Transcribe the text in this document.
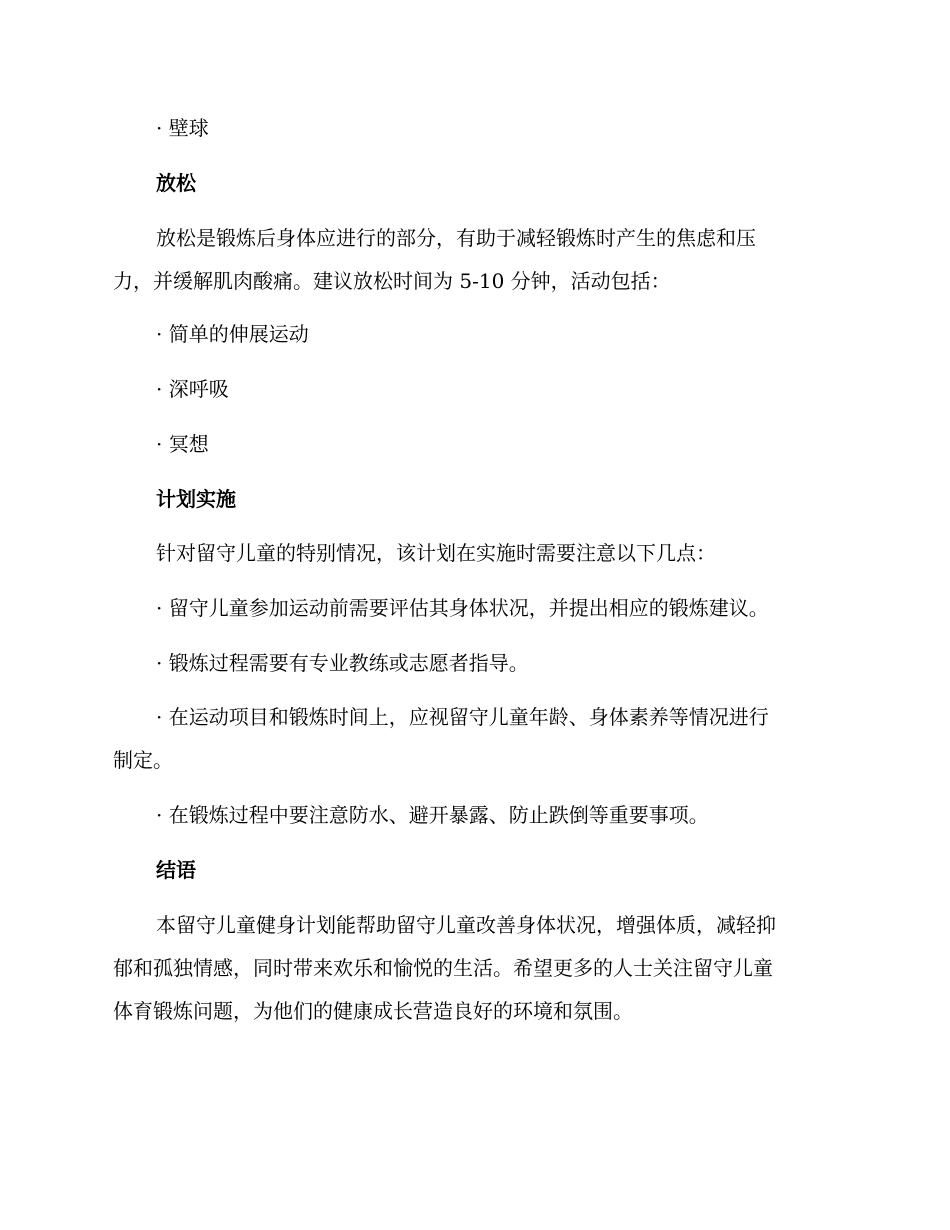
· 壁球
放松
放松是锻炼后身体应进行的部分，有助于减轻锻炼时产生的焦虑和压
力，并缓解肌肉酸痛。建议放松时间为 5-10 分钟，活动包括：
· 简单的伸展运动
· 深呼吸
· 冥想
计划实施
针对留守儿童的特别情况，该计划在实施时需要注意以下几点：
· 留守儿童参加运动前需要评估其身体状况，并提出相应的锻炼建议。
· 锻炼过程需要有专业教练或志愿者指导。
· 在运动项目和锻炼时间上，应视留守儿童年龄、身体素养等情况进行
制定。
· 在锻炼过程中要注意防水、避开暴露、防止跌倒等重要事项。
结语
本留守儿童健身计划能帮助留守儿童改善身体状况，增强体质，减轻抑
郁和孤独情感，同时带来欢乐和愉悦的生活。希望更多的人士关注留守儿童
体育锻炼问题，为他们的健康成长营造良好的环境和氛围。
